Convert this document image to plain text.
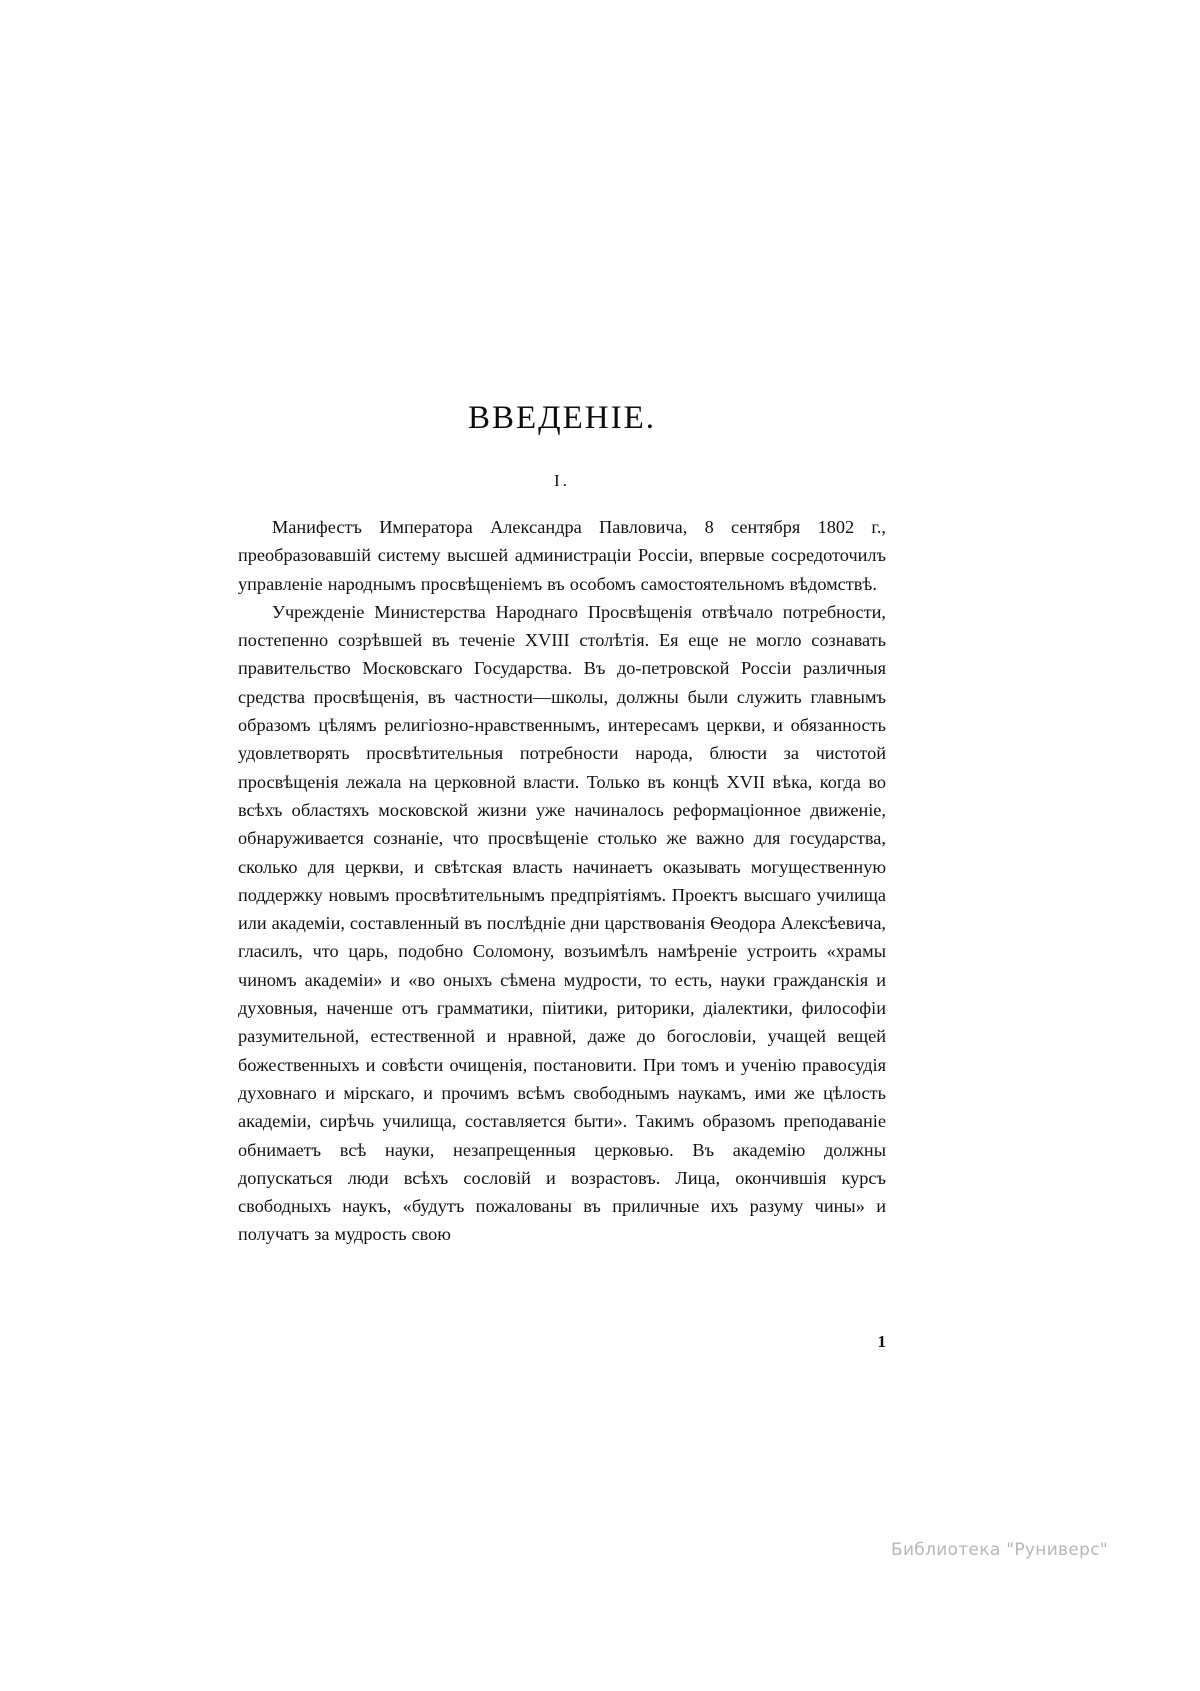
ВВЕДЕНІЕ.
I.

Манифестъ Императора Александра Павловича, 8 сентября 1802 г., преобразовавшій систему высшей администраціи Россіи, впервые сосредоточилъ управленіе народнымъ просвѣщеніемъ въ особомъ самостоятельномъ вѣдомствѣ.

Учрежденіе Министерства Народнаго Просвѣщенія отвѣчало потребности, постепенно созрѣвшей въ теченіе XVIII столѣтія. Ея еще не могло сознавать правительство Московскаго Государства. Въ до-петровской Россіи различныя средства просвѣщенія, въ частности—школы, должны были служить главнымъ образомъ цѣлямъ религіозно-нравственнымъ, интересамъ церкви, и обязанность удовлетворять просвѣтительныя потребности народа, блюсти за чистотой просвѣщенія лежала на церковной власти. Только въ концѣ XVII вѣка, когда во всѣхъ областяхъ московской жизни уже начиналось реформаціонное движеніе, обнаруживается сознаніе, что просвѣщеніе столько же важно для государства, сколько для церкви, и свѣтская власть начинаетъ оказывать могущественную поддержку новымъ просвѣтительнымъ предпріятіямъ. Проектъ высшаго училища или академіи, составленный въ послѣдніе дни царствованія Ѳеодора Алексѣевича, гласилъ, что царь, подобно Соломону, возъимѣлъ намѣреніе устроить «храмы чиномъ академіи» и «во оныхъ сѣмена мудрости, то есть, науки гражданскія и духовныя, наченше отъ грамматики, піитики, риторики, діалектики, философіи разумительной, естественной и нравной, даже до богословіи, учащей вещей божественныхъ и совѣсти очищенія, постановити. При томъ и ученію правосудія духовнаго и мірскаго, и прочимъ всѣмъ свободнымъ наукамъ, ими же цѣлость академіи, сирѣчь училища, составляется быти». Такимъ образомъ преподаваніе обнимаетъ всѣ науки, незапрещенныя церковью. Въ академію должны допускаться люди всѣхъ сословій и возрастовъ. Лица, окончившія курсъ свободныхъ наукъ, «будутъ пожалованы въ приличные ихъ разуму чины» и получатъ за мудрость свою

1
Библиотека "Руниверс"
